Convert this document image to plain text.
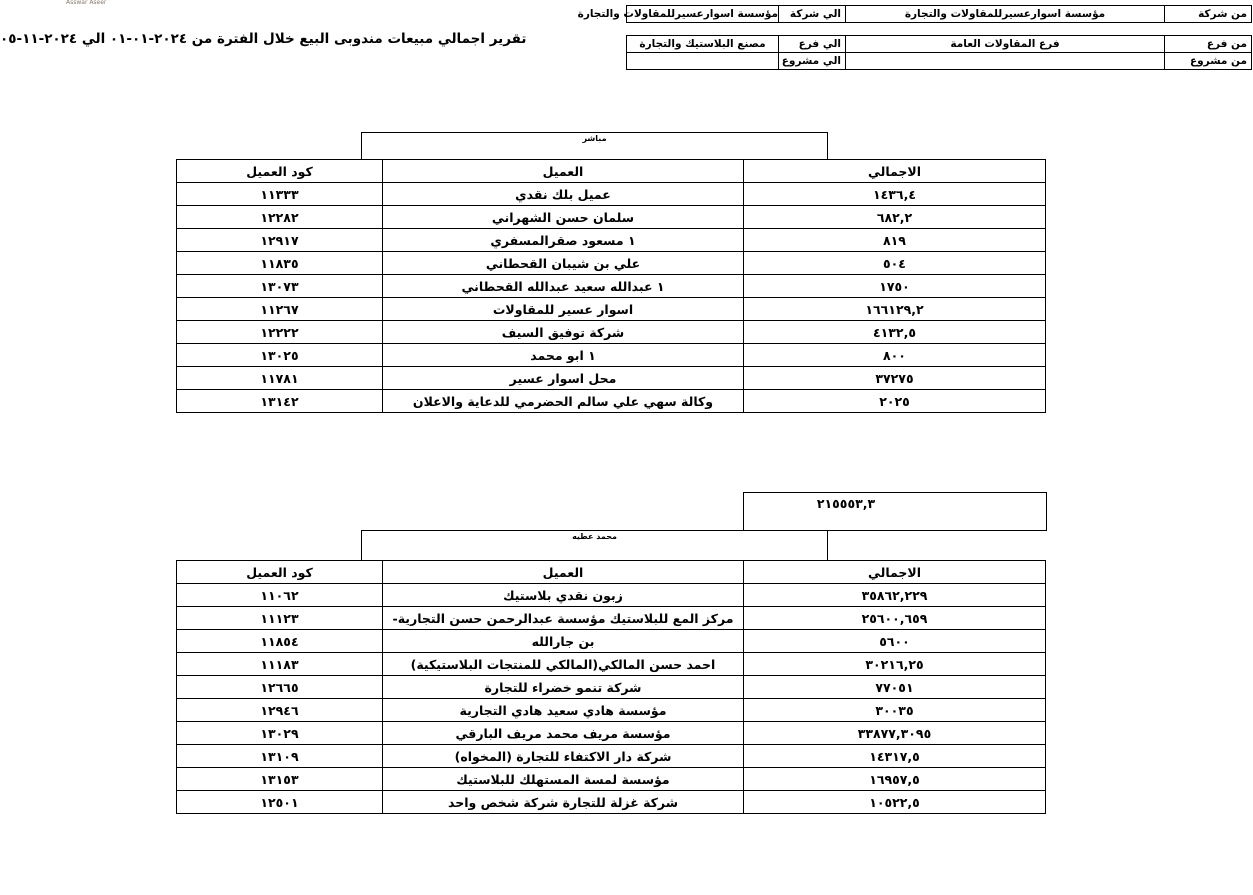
Asswar Aseer
تقرير اجمالي مبيعات مندوبى البيع خلال الفترة من ٢٠٢٤-٠١-٠١ الي ٢٠٢٤-١١-٠٥
مؤسسة اسوارعسيرللمقاولات والتجارة	الي شركة	مؤسسة اسوارعسيرللمقاولات والتجارة	من شركة

مصنع البلاستيك والتجارة	الي فرع	فرع المقاولات العامة	من فرع
	الي مشروع		من مشروع
مباشر
كود العميل	العميل	الاجمالي
١١٣٣٣	عميل بلك نقدي	١٤٣٦,٤
١٢٢٨٢	سلمان حسن الشهراني	٦٨٢,٢
١٢٩١٧	١ مسعود صقرالمسفري	٨١٩
١١٨٣٥	علي بن شيبان القحطاني	٥٠٤
١٣٠٧٣	١ عبدالله سعيد عبدالله القحطاني	١٧٥٠
١١٢٦٧	اسوار عسير للمقاولات	١٦٦١٢٩,٢
١٢٢٢٢	شركة توفيق السيف	٤١٣٢,٥
١٣٠٢٥	١ ابو محمد	٨٠٠
١١٧٨١	محل اسوار عسير	٣٧٢٧٥
١٣١٤٢	وكالة سهي علي سالم الحضرمي للدعاية والاعلان	٢٠٢٥
٢١٥٥٥٣,٣
محمد عطيه
كود العميل	العميل	الاجمالي
١١٠٦٢	زبون نقدي بلاستيك	٣٥٨٦٢,٢٢٩
١١١٢٣	مركز المع للبلاستيك مؤسسة عبدالرحمن حسن التجارية-	٢٥٦٠٠,٦٥٩
١١٨٥٤	بن جارالله	٥٦٠٠
١١١٨٣	احمد حسن المالكي(المالكي للمنتجات البلاستيكية)	٣٠٢١٦,٢٥
١٢٦٦٥	شركة تنمو خضراء للتجارة	٧٧٠٥١
١٢٩٤٦	مؤسسة هادي سعيد هادي التجارية	٣٠٠٣٥
١٣٠٢٩	مؤسسة مريف محمد مريف البارقي	٣٣٨٧٧,٣٠٩٥
١٣١٠٩	شركة دار الاكتفاء للتجارة (المخواه)	١٤٣١٧,٥
١٣١٥٣	مؤسسة لمسة المستهلك للبلاستيك	١٦٩٥٧,٥
١٢٥٠١	شركة غزلة للتجارة شركة شخص واحد	١٠٥٢٢,٥
